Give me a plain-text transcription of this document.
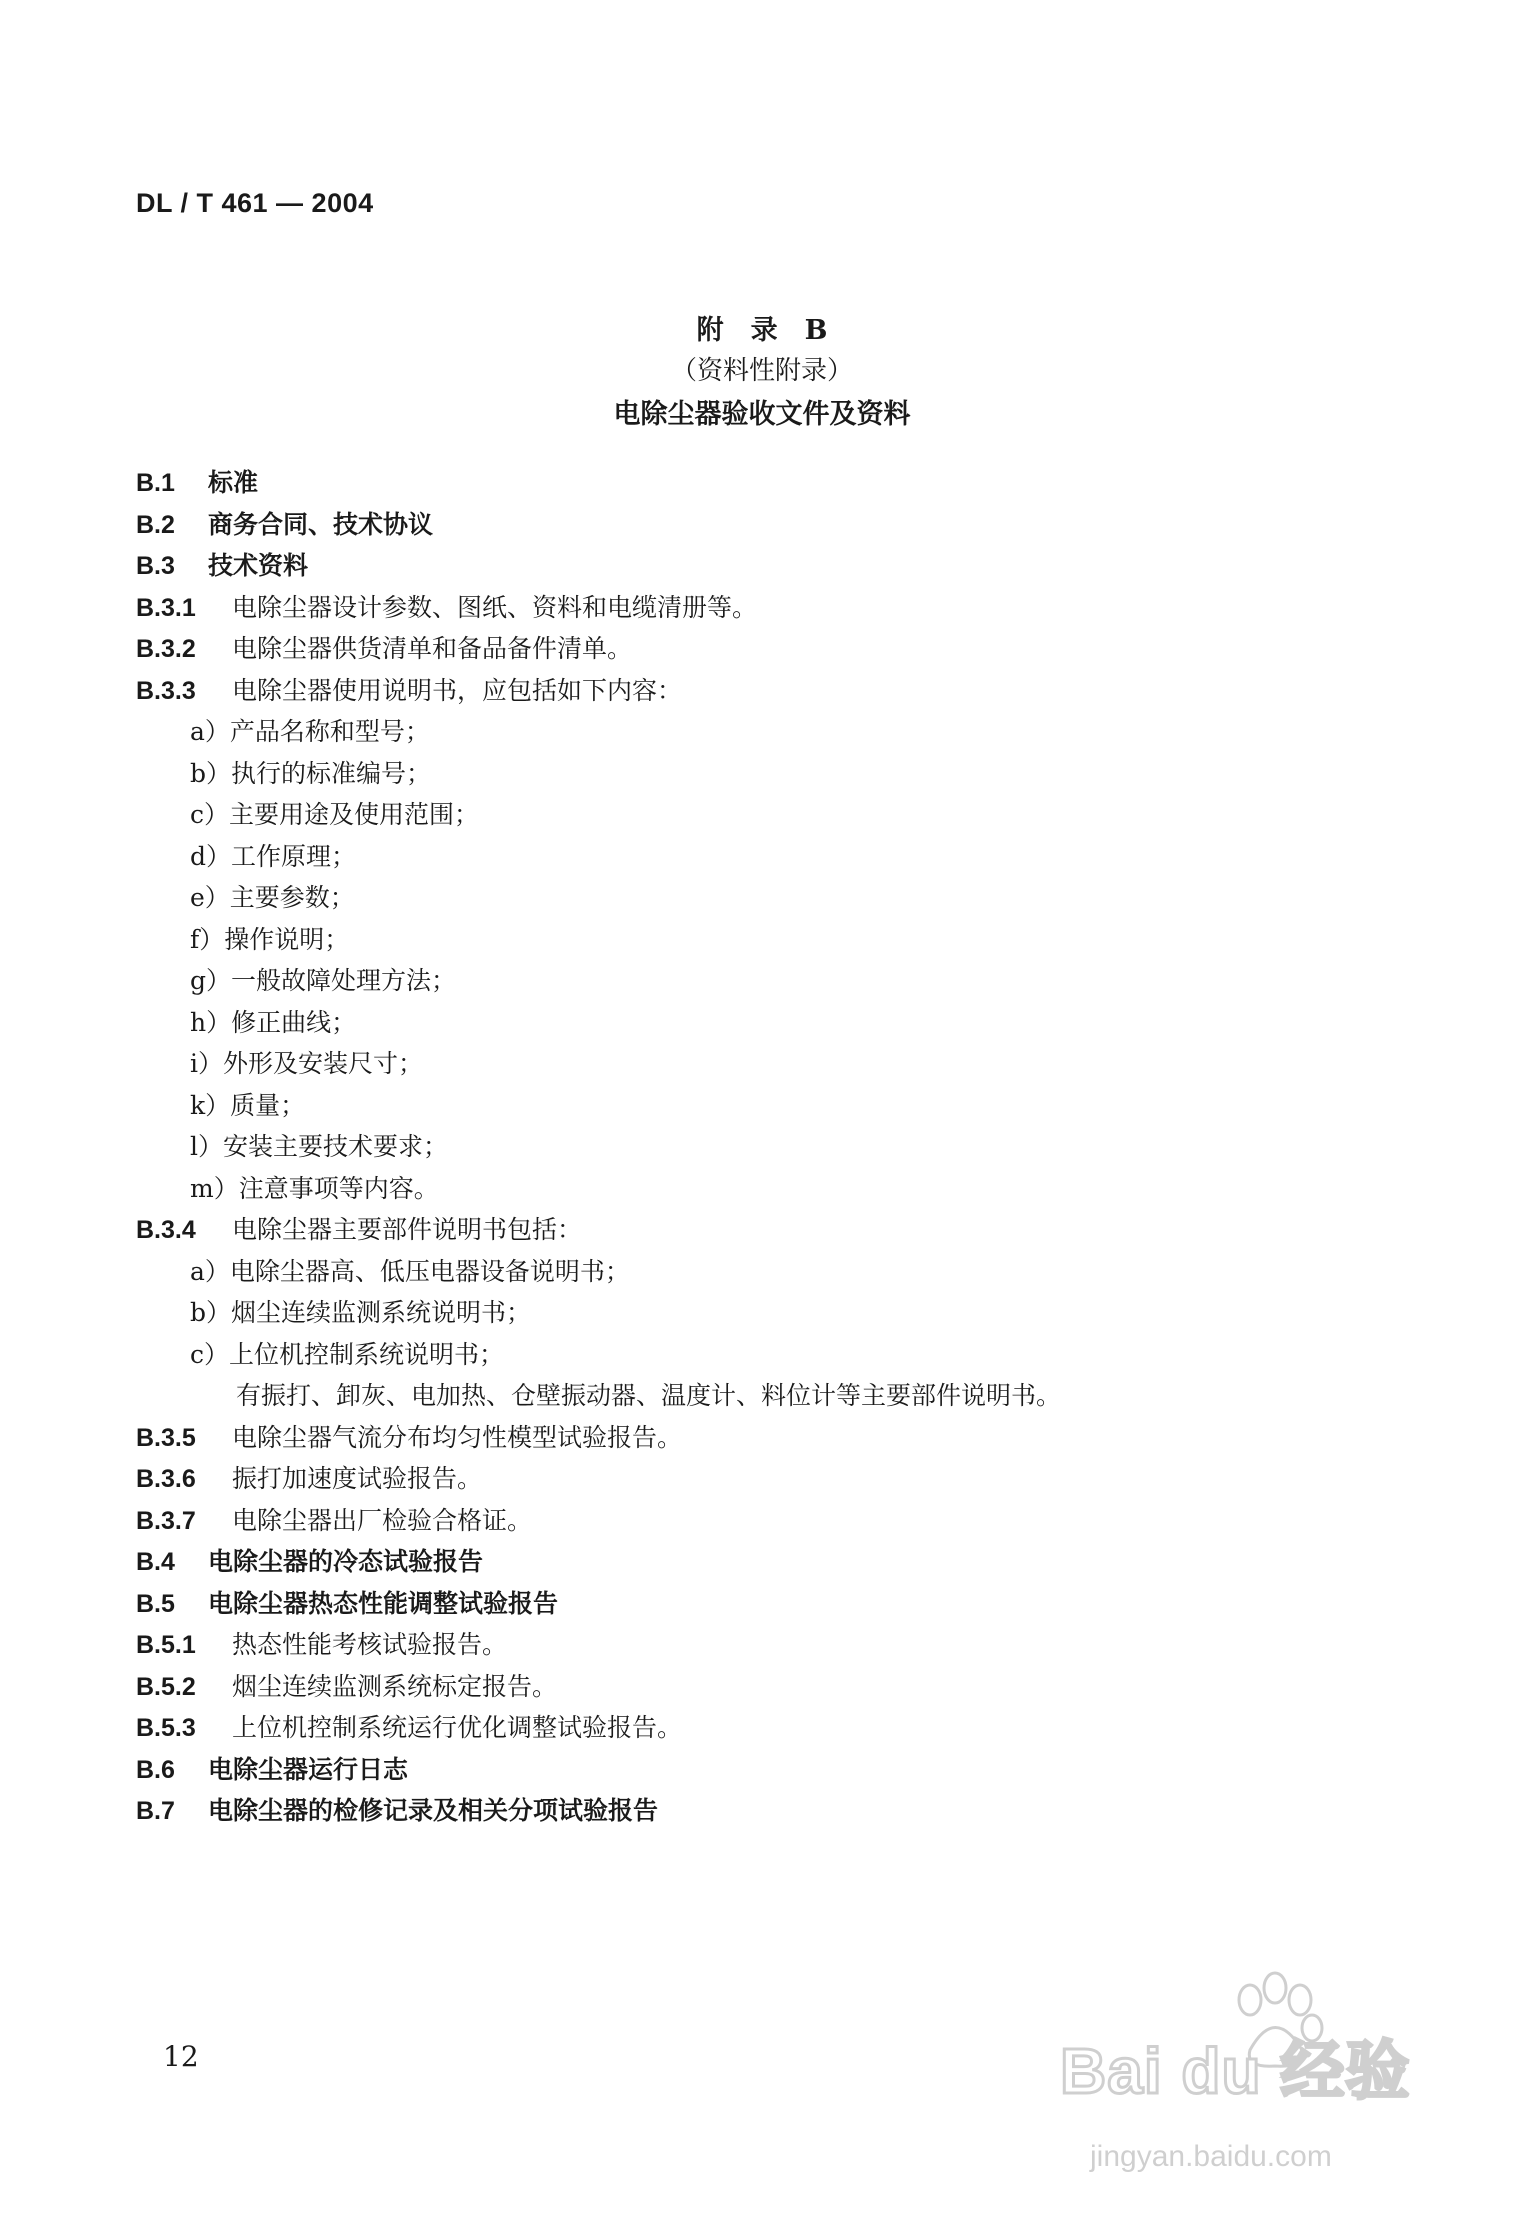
DL / T 461 — 2004
附　录　B
（资料性附录）
电除尘器验收文件及资料
B.1 标准
B.2 商务合同、技术协议
B.3 技术资料
B.3.1 电除尘器设计参数、图纸、资料和电缆清册等。
B.3.2 电除尘器供货清单和备品备件清单。
B.3.3 电除尘器使用说明书，应包括如下内容：
a）产品名称和型号；
b）执行的标准编号；
c）主要用途及使用范围；
d）工作原理；
e）主要参数；
f）操作说明；
g）一般故障处理方法；
h）修正曲线；
i）外形及安装尺寸；
k）质量；
l）安装主要技术要求；
m）注意事项等内容。
B.3.4 电除尘器主要部件说明书包括：
a）电除尘器高、低压电器设备说明书；
b）烟尘连续监测系统说明书；
c）上位机控制系统说明书；
有振打、卸灰、电加热、仓壁振动器、温度计、料位计等主要部件说明书。
B.3.5 电除尘器气流分布均匀性模型试验报告。
B.3.6 振打加速度试验报告。
B.3.7 电除尘器出厂检验合格证。
B.4 电除尘器的冷态试验报告
B.5 电除尘器热态性能调整试验报告
B.5.1 热态性能考核试验报告。
B.5.2 烟尘连续监测系统标定报告。
B.5.3 上位机控制系统运行优化调整试验报告。
B.6 电除尘器运行日志
B.7 电除尘器的检修记录及相关分项试验报告
12	Bai du 经验
jingyan.baidu.com
